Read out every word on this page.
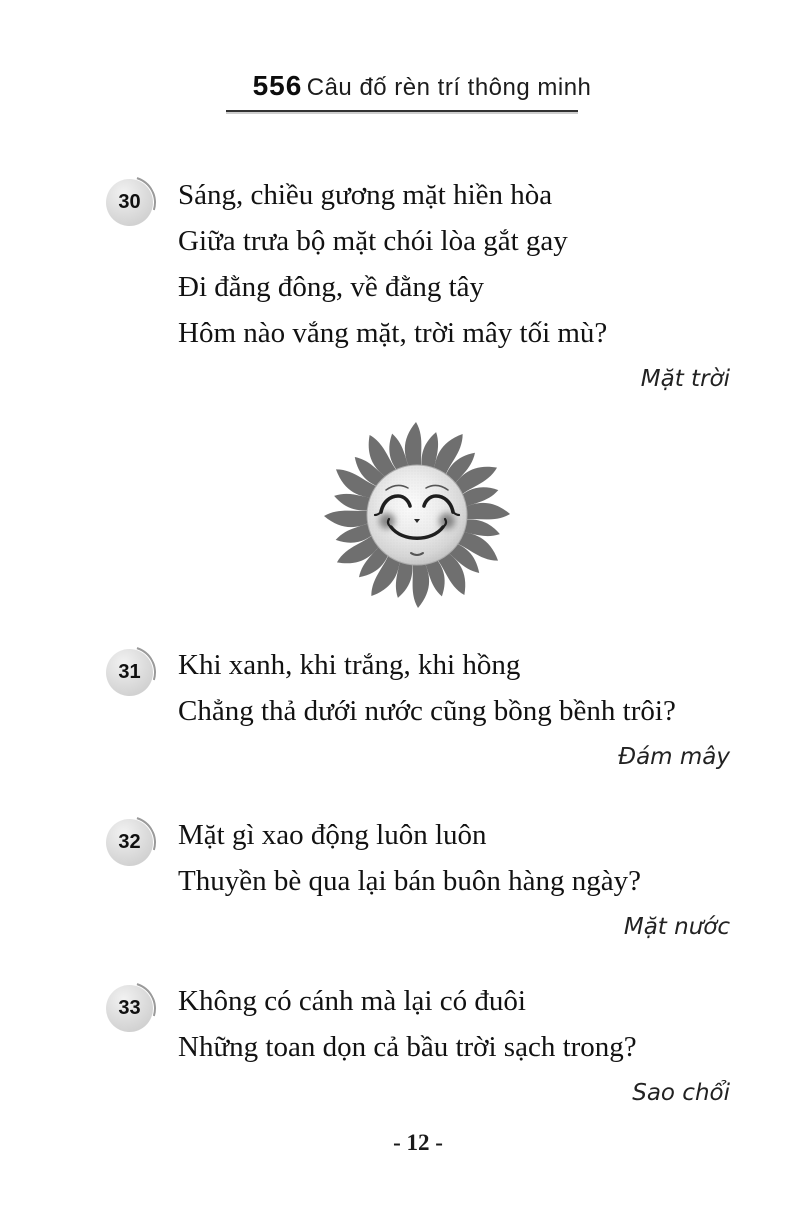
556 Câu đố rèn trí thông minh
30 Sáng, chiều gương mặt hiền hòa
Giữa trưa bộ mặt chói lòa gắt gay
Đi đằng đông, về đằng tây
Hôm nào vắng mặt, trời mây tối mù?
Mặt trời
31 Khi xanh, khi trắng, khi hồng
Chẳng thả dưới nước cũng bồng bềnh trôi?
Đám mây
32 Mặt gì xao động luôn luôn
Thuyền bè qua lại bán buôn hàng ngày?
Mặt nước
33 Không có cánh mà lại có đuôi
Những toan dọn cả bầu trời sạch trong?
Sao chổi
- 12 -
